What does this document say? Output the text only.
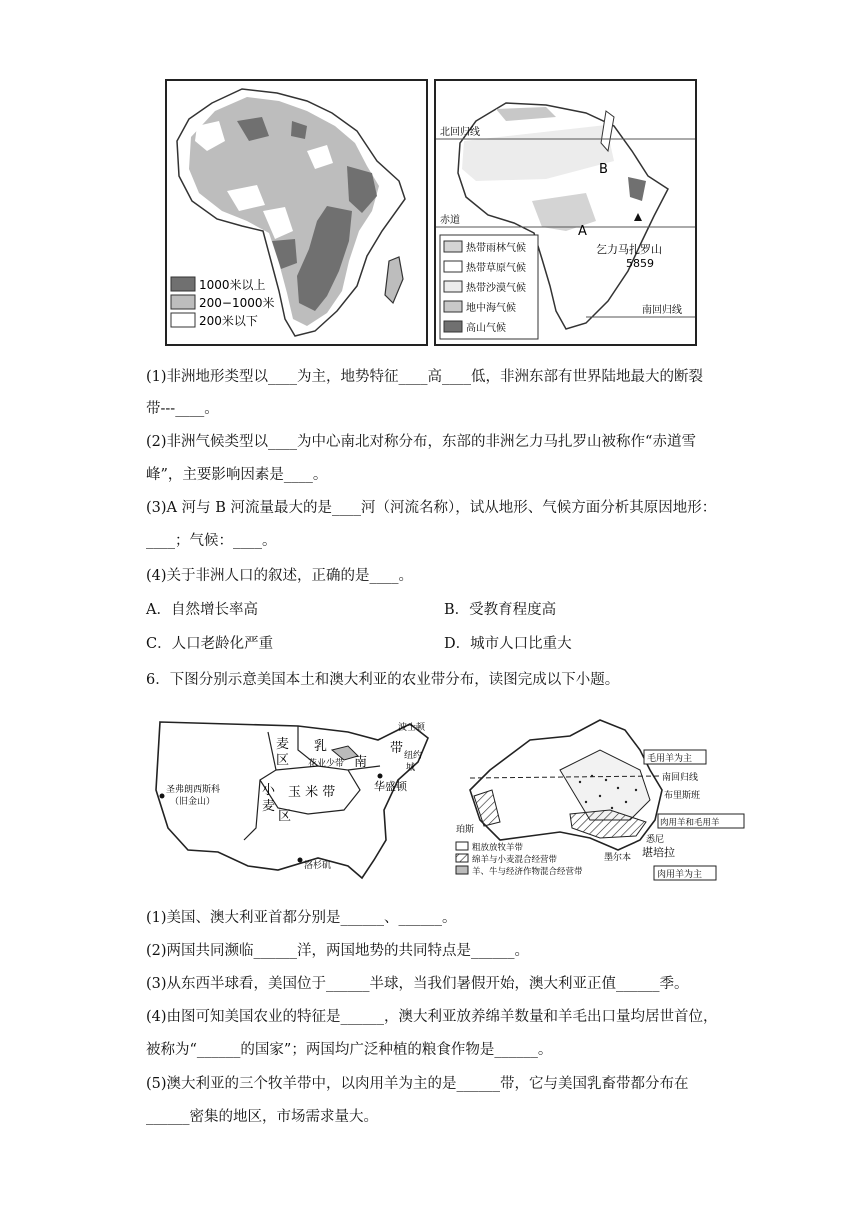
1000米以上
200−1000米
200米以下
北回归线
赤道
南回归线
A
B
乞力马扎罗山
5859
热带雨林气候
热带草原气候
热带沙漠气候
地中海气候
高山气候
(1)非洲地形类型以____为主，地势特征____高____低，非洲东部有世界陆地最大的断裂
带---____。
(2)非洲气候类型以____为中心南北对称分布，东部的非洲乞力马扎罗山被称作“赤道雪
峰”，主要影响因素是____。
(3)A 河与 B 河流量最大的是____河（河流名称），试从地形、气候方面分析其原因地形：
____；气候：____。
(4)关于非洲人口的叙述，正确的是____。
A．自然增长率高	B．受教育程度高
C．人口老龄化严重	D．城市人口比重大
6．下图分别示意美国本土和澳大利亚的农业带分布，读图完成以下小题。
麦
区
乳
花业少带 南
玉 米 带
小
麦
区
圣弗朗西斯科
（旧金山）
波士顿
带 纽约
城
华盛顿
洛杉矶
南回归线
毛用羊为主
布里斯班
肉用羊和毛用羊
悉尼
堪培拉
肉用羊为主
珀斯
墨尔本
粗放放牧羊带
绵羊与小麦混合经营带
羊、牛与经济作物混合经营带
(1)美国、澳大利亚首都分别是______、______。
(2)两国共同濒临______洋，两国地势的共同特点是______。
(3)从东西半球看，美国位于______半球，当我们暑假开始，澳大利亚正值______季。
(4)由图可知美国农业的特征是______，澳大利亚放养绵羊数量和羊毛出口量均居世首位，
被称为“______的国家”；两国均广泛种植的粮食作物是______。
(5)澳大利亚的三个牧羊带中，以肉用羊为主的是______带，它与美国乳畜带都分布在
______密集的地区，市场需求量大。
